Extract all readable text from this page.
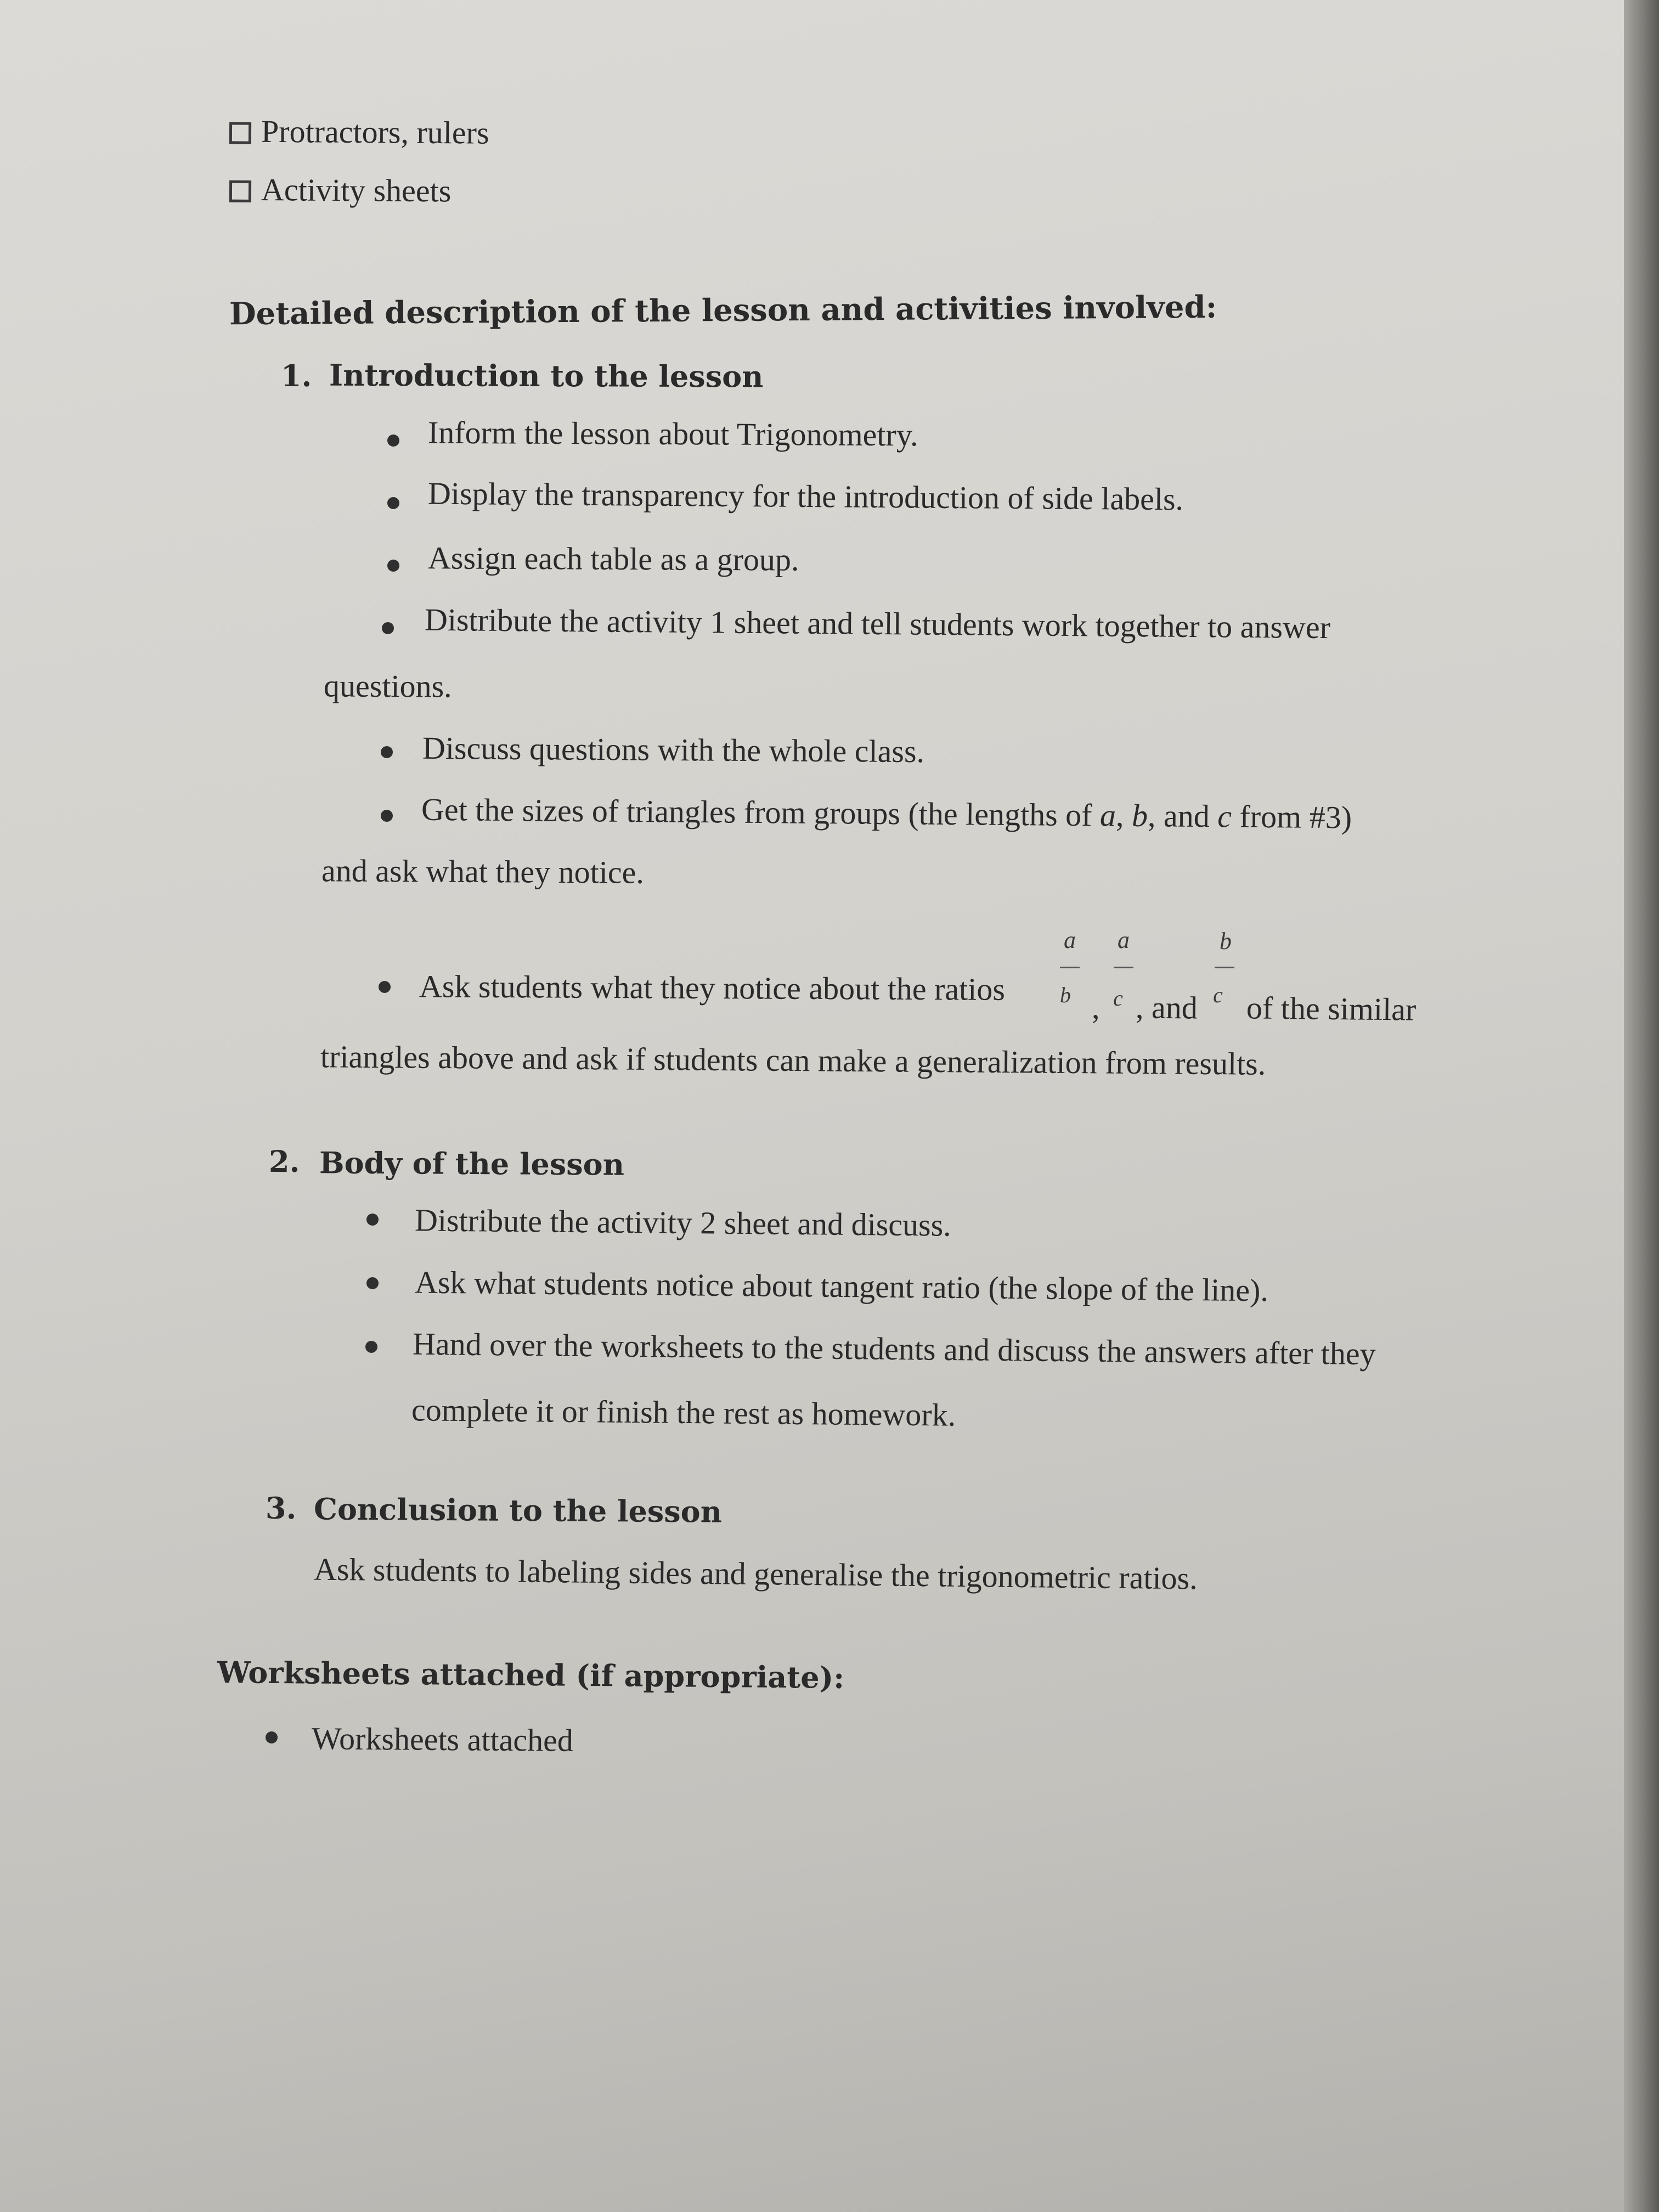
Protractors, rulers
Activity sheets
Detailed description of the lesson and activities involved:
1. Introduction to the lesson
Inform the lesson about Trigonometry.
Display the transparency for the introduction of side labels.
Assign each table as a group.
Distribute the activity 1 sheet and tell students work together to answer
questions.
Discuss questions with the whole class.
Get the sizes of triangles from groups (the lengths of a, b, and c from #3)
and ask what they notice.
a
b
a
c
b
c
Ask students what they notice about the ratios
, , and of the similar
triangles above and ask if students can make a generalization from results.
2. Body of the lesson
Distribute the activity 2 sheet and discuss.
Ask what students notice about tangent ratio (the slope of the line).
Hand over the worksheets to the students and discuss the answers after they
complete it or finish the rest as homework.
3. Conclusion to the lesson
Ask students to labeling sides and generalise the trigonometric ratios.
Worksheets attached (if appropriate):
Worksheets attached
